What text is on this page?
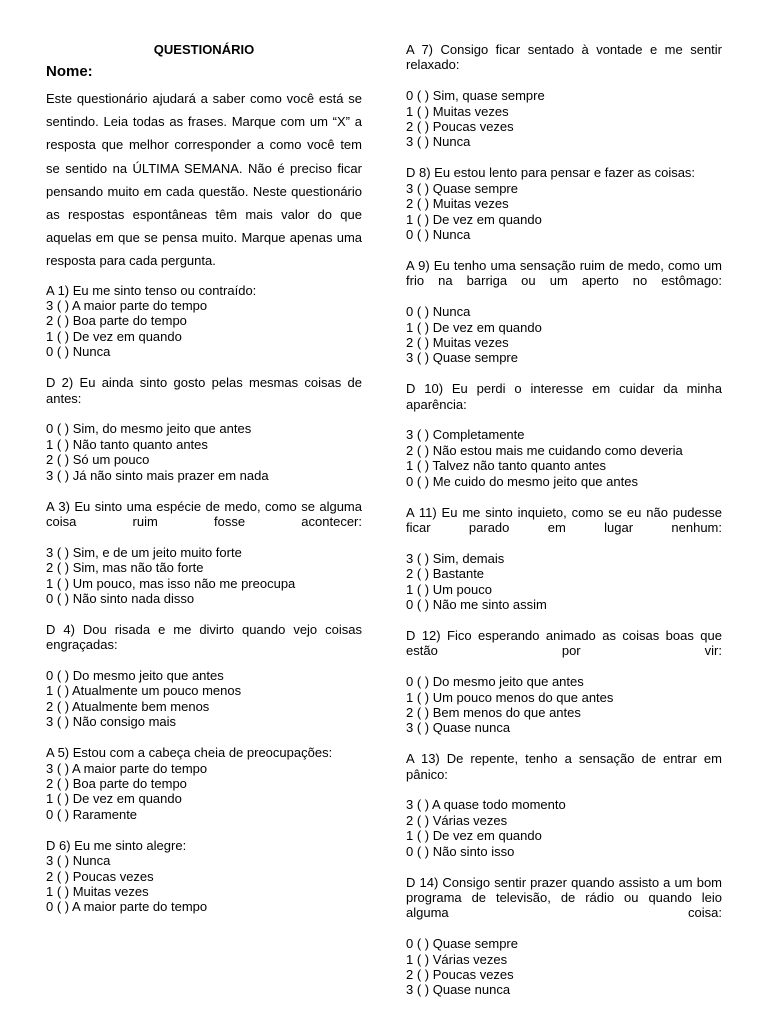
QUESTIONÁRIO
Nome:
Este questionário ajudará a saber como você está se sentindo. Leia todas as frases. Marque com um “X” a resposta que melhor corresponder a como você tem se sentido na ÚLTIMA SEMANA. Não é preciso ficar pensando muito em cada questão. Neste questionário as respostas espontâneas têm mais valor do que aquelas em que se pensa muito. Marque apenas uma resposta para cada pergunta.
A 1) Eu me sinto tenso ou contraído:
3 ( ) A maior parte do tempo
2 ( ) Boa parte do tempo
1 ( ) De vez em quando
0 ( ) Nunca
D 2) Eu ainda sinto gosto pelas mesmas coisas de antes:
0 ( ) Sim, do mesmo jeito que antes
1 ( ) Não tanto quanto antes
2 ( ) Só um pouco
3 ( ) Já não sinto mais prazer em nada
A 3) Eu sinto uma espécie de medo, como se alguma coisa ruim fosse acontecer:
3 ( ) Sim, e de um jeito muito forte
2 ( ) Sim, mas não tão forte
1 ( ) Um pouco, mas isso não me preocupa
0 ( ) Não sinto nada disso
D 4) Dou risada e me divirto quando vejo coisas engraçadas:
0 ( ) Do mesmo jeito que antes
1 ( ) Atualmente um pouco menos
2 ( ) Atualmente bem menos
3 ( ) Não consigo mais
A 5) Estou com a cabeça cheia de preocupações:
3 ( ) A maior parte do tempo
2 ( ) Boa parte do tempo
1 ( ) De vez em quando
0 ( ) Raramente
D 6) Eu me sinto alegre:
3 ( ) Nunca
2 ( ) Poucas vezes
1 ( ) Muitas vezes
0 ( ) A maior parte do tempo
A 7) Consigo ficar sentado à vontade e me sentir relaxado:
0 ( ) Sim, quase sempre
1 ( ) Muitas vezes
2 ( ) Poucas vezes
3 ( ) Nunca
D 8) Eu estou lento para pensar e fazer as coisas:
3 ( ) Quase sempre
2 ( ) Muitas vezes
1 ( ) De vez em quando
0 ( ) Nunca
A 9) Eu tenho uma sensação ruim de medo, como um frio na barriga ou um aperto no estômago:
0 ( ) Nunca
1 ( ) De vez em quando
2 ( ) Muitas vezes
3 ( ) Quase sempre
D 10) Eu perdi o interesse em cuidar da minha aparência:
3 ( ) Completamente
2 ( ) Não estou mais me cuidando como deveria
1 ( ) Talvez não tanto quanto antes
0 ( ) Me cuido do mesmo jeito que antes
A 11) Eu me sinto inquieto, como se eu não pudesse ficar parado em lugar nenhum:
3 ( ) Sim, demais
2 ( ) Bastante
1 ( ) Um pouco
0 ( ) Não me sinto assim
D 12) Fico esperando animado as coisas boas que estão por vir:
0 ( ) Do mesmo jeito que antes
1 ( ) Um pouco menos do que antes
2 ( ) Bem menos do que antes
3 ( ) Quase nunca
A 13) De repente, tenho a sensação de entrar em pânico:
3 ( ) A quase todo momento
2 ( ) Várias vezes
1 ( ) De vez em quando
0 ( ) Não sinto isso
D 14) Consigo sentir prazer quando assisto a um bom programa de televisão, de rádio ou quando leio alguma coisa:
0 ( ) Quase sempre
1 ( ) Várias vezes
2 ( ) Poucas vezes
3 ( ) Quase nunca
